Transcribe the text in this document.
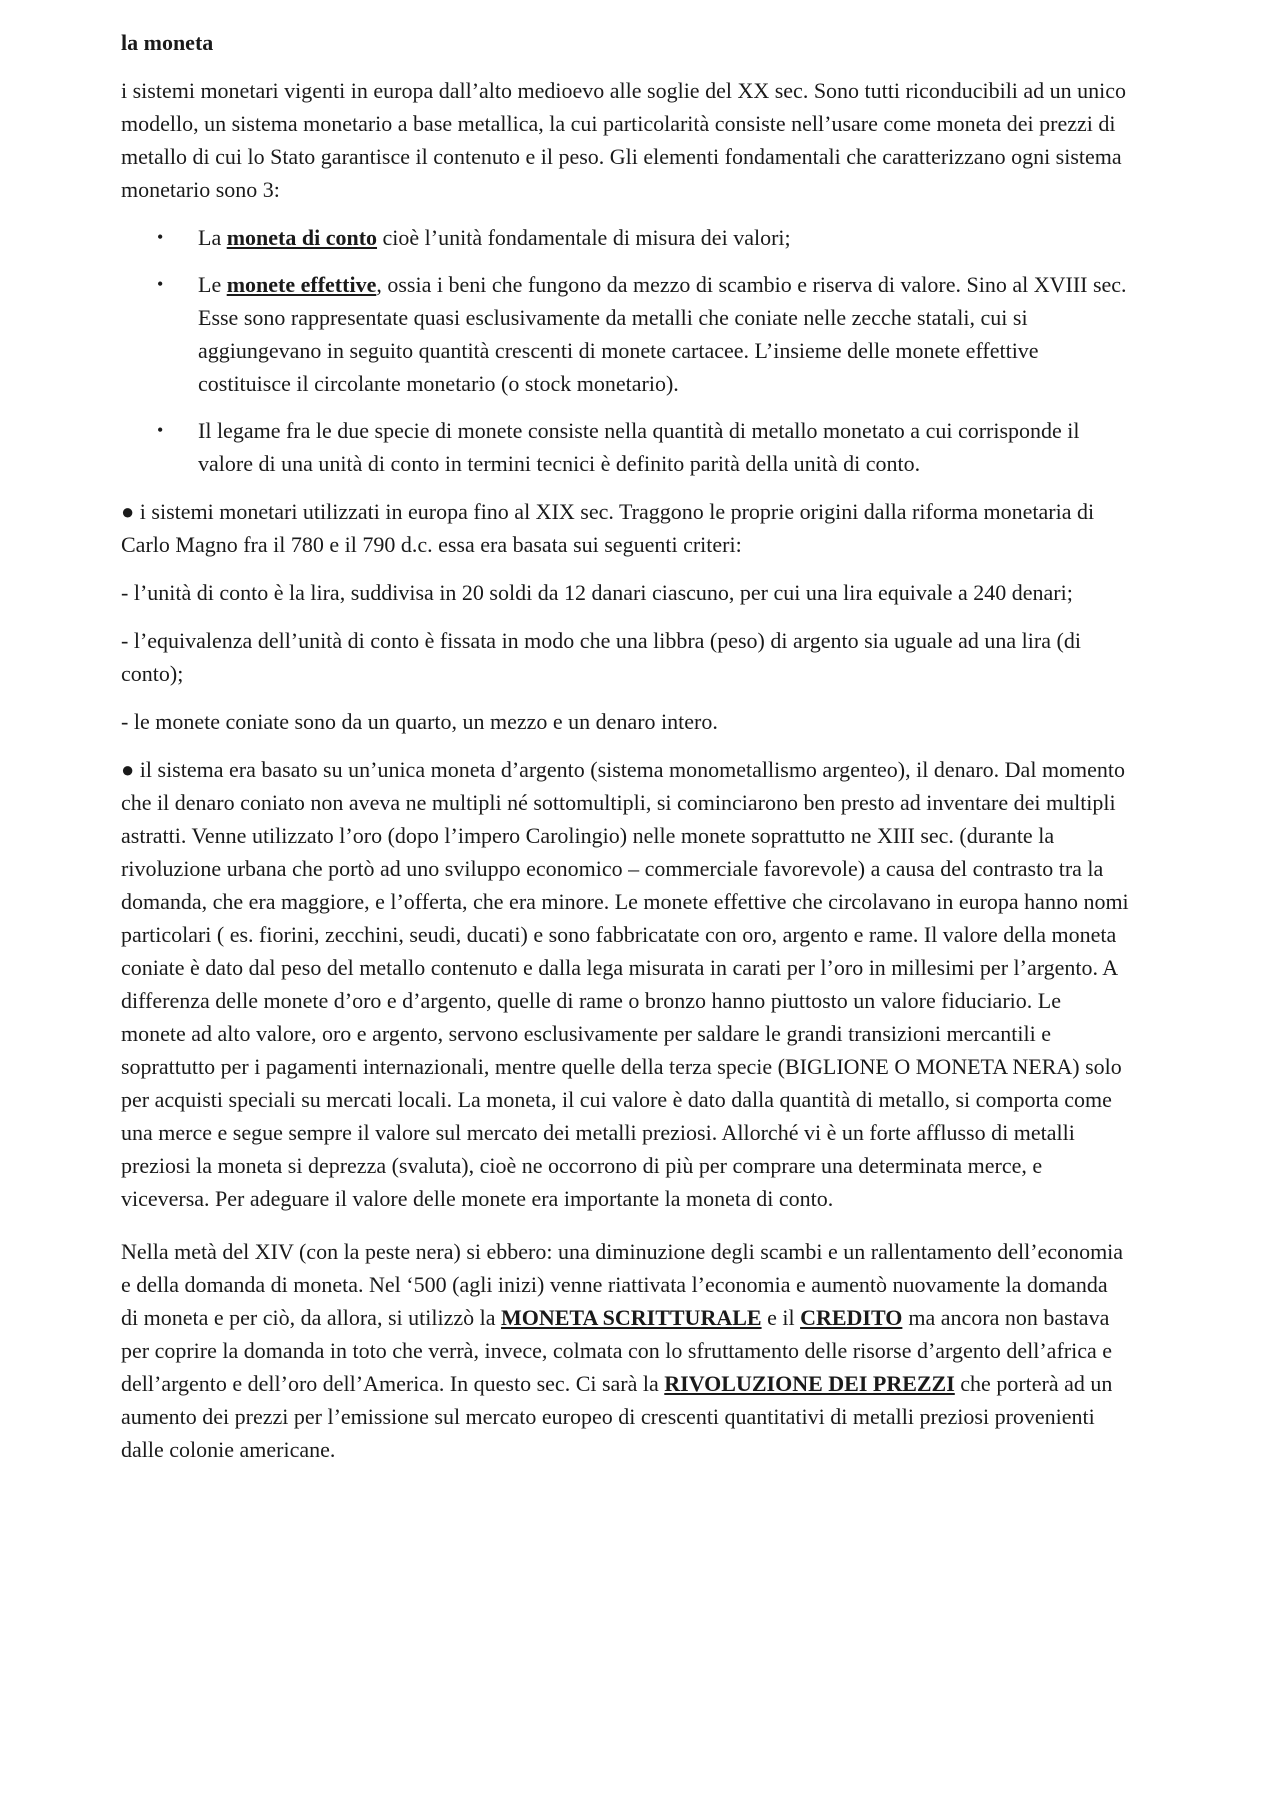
la moneta

i sistemi monetari vigenti in europa dall’alto medioevo alle soglie del XX sec. Sono tutti riconducibili ad un unico modello, un sistema monetario a base metallica, la cui particolarità consiste nell’usare come moneta dei prezzi di metallo di cui lo Stato garantisce il contenuto e il peso. Gli elementi fondamentali che caratterizzano ogni sistema monetario sono 3:

• La moneta di conto cioè l’unità fondamentale di misura dei valori;
• Le monete effettive, ossia i beni che fungono da mezzo di scambio e riserva di valore. Sino al XVIII sec. Esse sono rappresentate quasi esclusivamente da metalli che coniate nelle zecche statali, cui si aggiungevano in seguito quantità crescenti di monete cartacee. L’insieme delle monete effettive costituisce il circolante monetario (o stock monetario).
• Il legame fra le due specie di monete consiste nella quantità di metallo monetato a cui corrisponde il valore di una unità di conto in termini tecnici è definito parità della unità di conto.

● i sistemi monetari utilizzati in europa fino al XIX sec. Traggono le proprie origini dalla riforma monetaria di Carlo Magno fra il 780 e il 790 d.c. essa era basata sui seguenti criteri:

- l’unità di conto è la lira, suddivisa in 20 soldi da 12 danari ciascuno, per cui una lira equivale a 240 denari;

- l’equivalenza dell’unità di conto è fissata in modo che una libbra (peso) di argento sia uguale ad una lira (di conto);

- le monete coniate sono da un quarto, un mezzo e un denaro intero.

● il sistema era basato su un’unica moneta d’argento (sistema monometallismo argenteo), il denaro. Dal momento che il denaro coniato non aveva ne multipli né sottomultipli, si cominciarono ben presto ad inventare dei multipli astratti. Venne utilizzato l’oro (dopo l’impero Carolingio) nelle monete soprattutto ne XIII sec. (durante la rivoluzione urbana che portò ad uno sviluppo economico – commerciale favorevole) a causa del contrasto tra la domanda, che era maggiore, e l’offerta, che era minore. Le monete effettive che circolavano in europa hanno nomi particolari ( es. fiorini, zecchini, seudi, ducati) e sono fabbricatate con oro, argento e rame. Il valore della moneta coniate è dato dal peso del metallo contenuto e dalla lega misurata in carati per l’oro in millesimi per l’argento. A differenza delle monete d’oro e d’argento, quelle di rame o bronzo hanno piuttosto un valore fiduciario. Le monete ad alto valore, oro e argento, servono esclusivamente per saldare le grandi transizioni mercantili e soprattutto per i pagamenti internazionali, mentre quelle della terza specie (BIGLIONE O MONETA NERA) solo per acquisti speciali su mercati locali. La moneta, il cui valore è dato dalla quantità di metallo, si comporta come una merce e segue sempre il valore sul mercato dei metalli preziosi. Allorché vi è un forte afflusso di metalli preziosi la moneta si deprezza (svaluta), cioè ne occorrono di più per comprare una determinata merce, e viceversa. Per adeguare il valore delle monete era importante la moneta di conto.

Nella metà del XIV (con la peste nera) si ebbero: una diminuzione degli scambi e un rallentamento dell’economia e della domanda di moneta. Nel ‘500 (agli inizi) venne riattivata l’economia e aumentò nuovamente la domanda di moneta e per ciò, da allora, si utilizzò la MONETA SCRITTURALE e il CREDITO ma ancora non bastava per coprire la domanda in toto che verrà, invece, colmata con lo sfruttamento delle risorse d’argento dell’africa e dell’argento e dell’oro dell’America. In questo sec. Ci sarà la RIVOLUZIONE DEI PREZZI che porterà ad un aumento dei prezzi per l’emissione sul mercato europeo di crescenti quantitativi di metalli preziosi provenienti dalle colonie americane.
